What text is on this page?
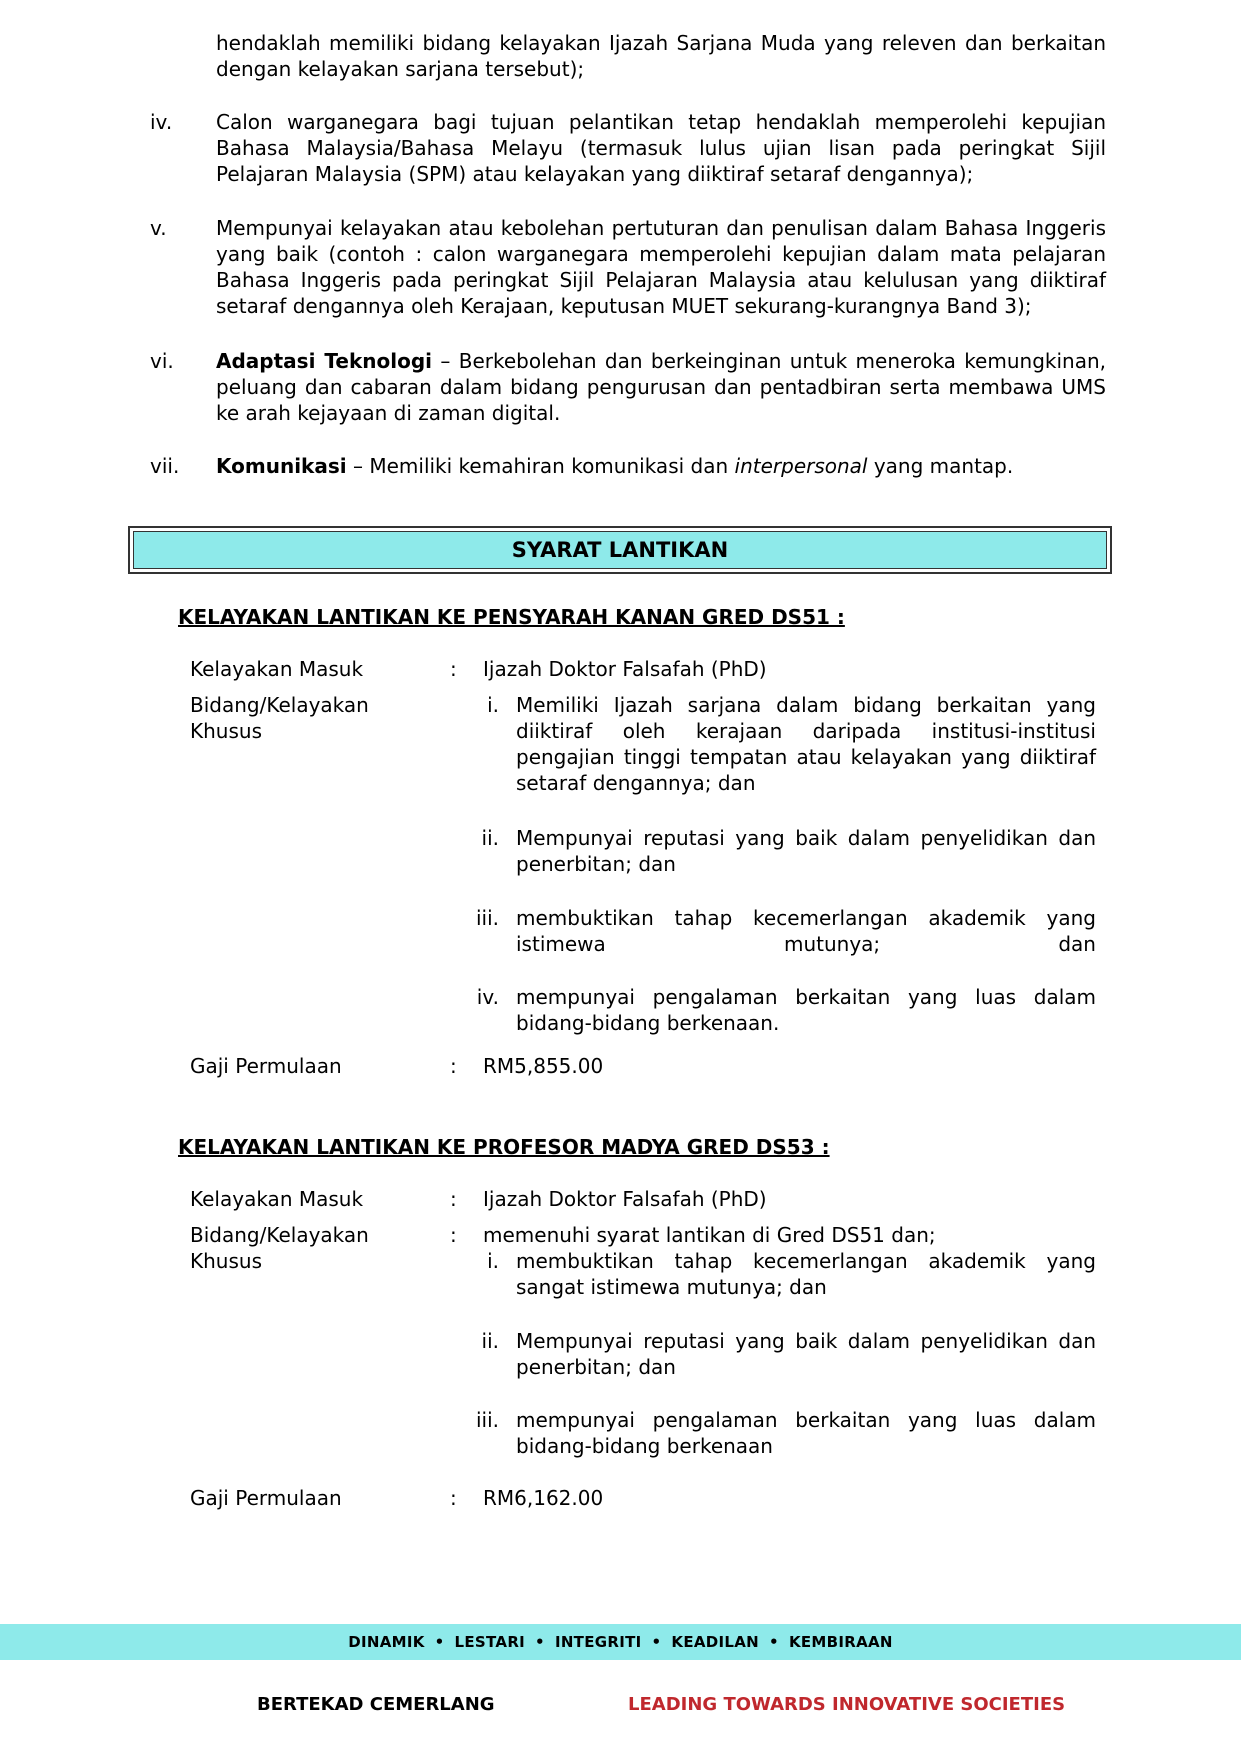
hendaklah memiliki bidang kelayakan Ijazah Sarjana Muda yang releven dan berkaitan dengan kelayakan sarjana tersebut);
iv.	Calon warganegara bagi tujuan pelantikan tetap hendaklah memperolehi kepujian Bahasa Malaysia/Bahasa Melayu (termasuk lulus ujian lisan pada peringkat Sijil Pelajaran Malaysia (SPM) atau kelayakan yang diiktiraf setaraf dengannya);
v.	Mempunyai kelayakan atau kebolehan pertuturan dan penulisan dalam Bahasa Inggeris yang baik (contoh : calon warganegara memperolehi kepujian dalam mata pelajaran Bahasa Inggeris pada peringkat Sijil Pelajaran Malaysia atau kelulusan yang diiktiraf setaraf dengannya oleh Kerajaan, keputusan MUET sekurang-kurangnya Band 3);
vi.	Adaptasi Teknologi – Berkebolehan dan berkeinginan untuk meneroka kemungkinan, peluang dan cabaran dalam bidang pengurusan dan pentadbiran serta membawa UMS ke arah kejayaan di zaman digital.
vii.	Komunikasi – Memiliki kemahiran komunikasi dan interpersonal yang mantap.
SYARAT LANTIKAN
KELAYAKAN LANTIKAN KE PENSYARAH KANAN GRED DS51 :
Kelayakan Masuk	: Ijazah Doktor Falsafah (PhD)
Bidang/Kelayakan
Khusus
i. Memiliki Ijazah sarjana dalam bidang berkaitan yang diiktiraf oleh kerajaan daripada institusi-institusi pengajian tinggi tempatan atau kelayakan yang diiktiraf setaraf dengannya; dan
ii. Mempunyai reputasi yang baik dalam penyelidikan dan penerbitan; dan
iii. membuktikan tahap kecemerlangan akademik yang istimewa mutunya; dan
iv. mempunyai pengalaman berkaitan yang luas dalam bidang-bidang berkenaan.
Gaji Permulaan	: RM5,855.00
KELAYAKAN LANTIKAN KE PROFESOR MADYA GRED DS53 :
Kelayakan Masuk	: Ijazah Doktor Falsafah (PhD)
Bidang/Kelayakan
Khusus
: memenuhi syarat lantikan di Gred DS51 dan;
i. membuktikan tahap kecemerlangan akademik yang sangat istimewa mutunya; dan
ii. Mempunyai reputasi yang baik dalam penyelidikan dan penerbitan; dan
iii. mempunyai pengalaman berkaitan yang luas dalam bidang-bidang berkenaan
Gaji Permulaan	: RM6,162.00
DINAMIK • LESTARI • INTEGRITI • KEADILAN • KEMBIRAAN
BERTEKAD CEMERLANG	LEADING TOWARDS INNOVATIVE SOCIETIES
